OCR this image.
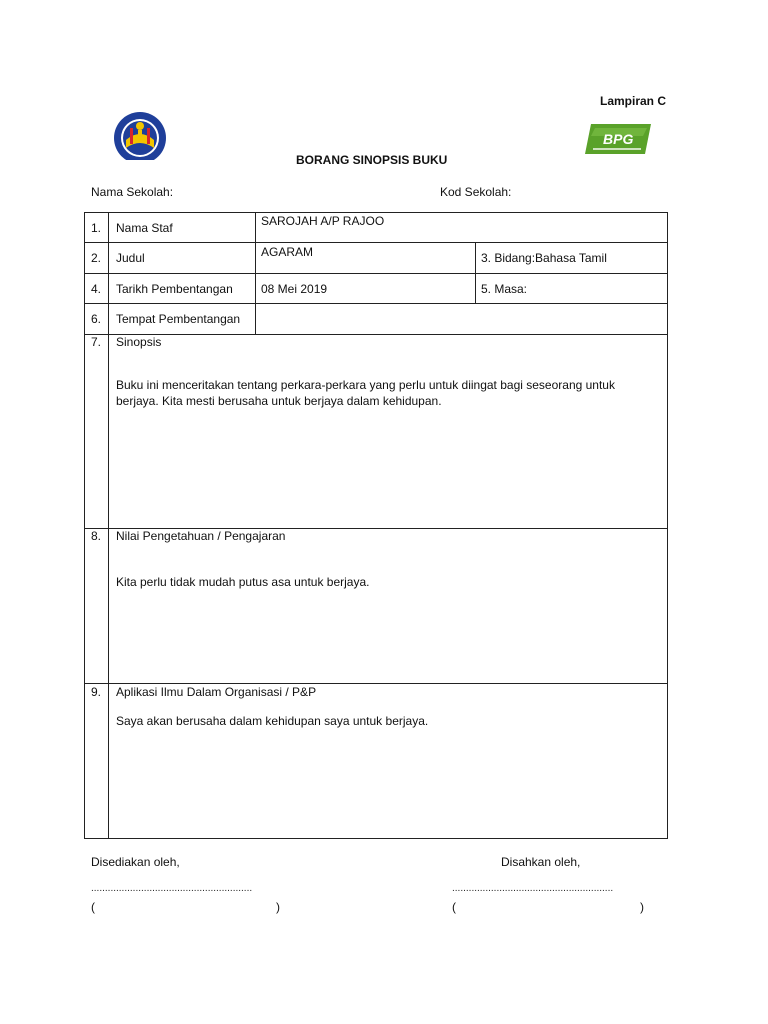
Lampiran C
BPG
BORANG SINOPSIS BUKU
Nama Sekolah:	Kod Sekolah:
1. Nama Staf	SAROJAH A/P RAJOO
2. Judul	AGARAM	3. Bidang:Bahasa Tamil
4. Tarikh Pembentangan 08 Mei 2019	5. Masa:
6. Tempat Pembentangan
7. Sinopsis
Buku ini menceritakan tentang perkara-perkara yang perlu untuk diingat bagi seseorang untuk berjaya. Kita mesti berusaha untuk berjaya dalam kehidupan.
8. Nilai Pengetahuan / Pengajaran
Kita perlu tidak mudah putus asa untuk berjaya.
9. Aplikasi Ilmu Dalam Organisasi / P&P
Saya akan berusaha dalam kehidupan saya untuk berjaya.
Disediakan oleh,	Disahkan oleh,
..........................................................	..........................................................
(	)	(	)
